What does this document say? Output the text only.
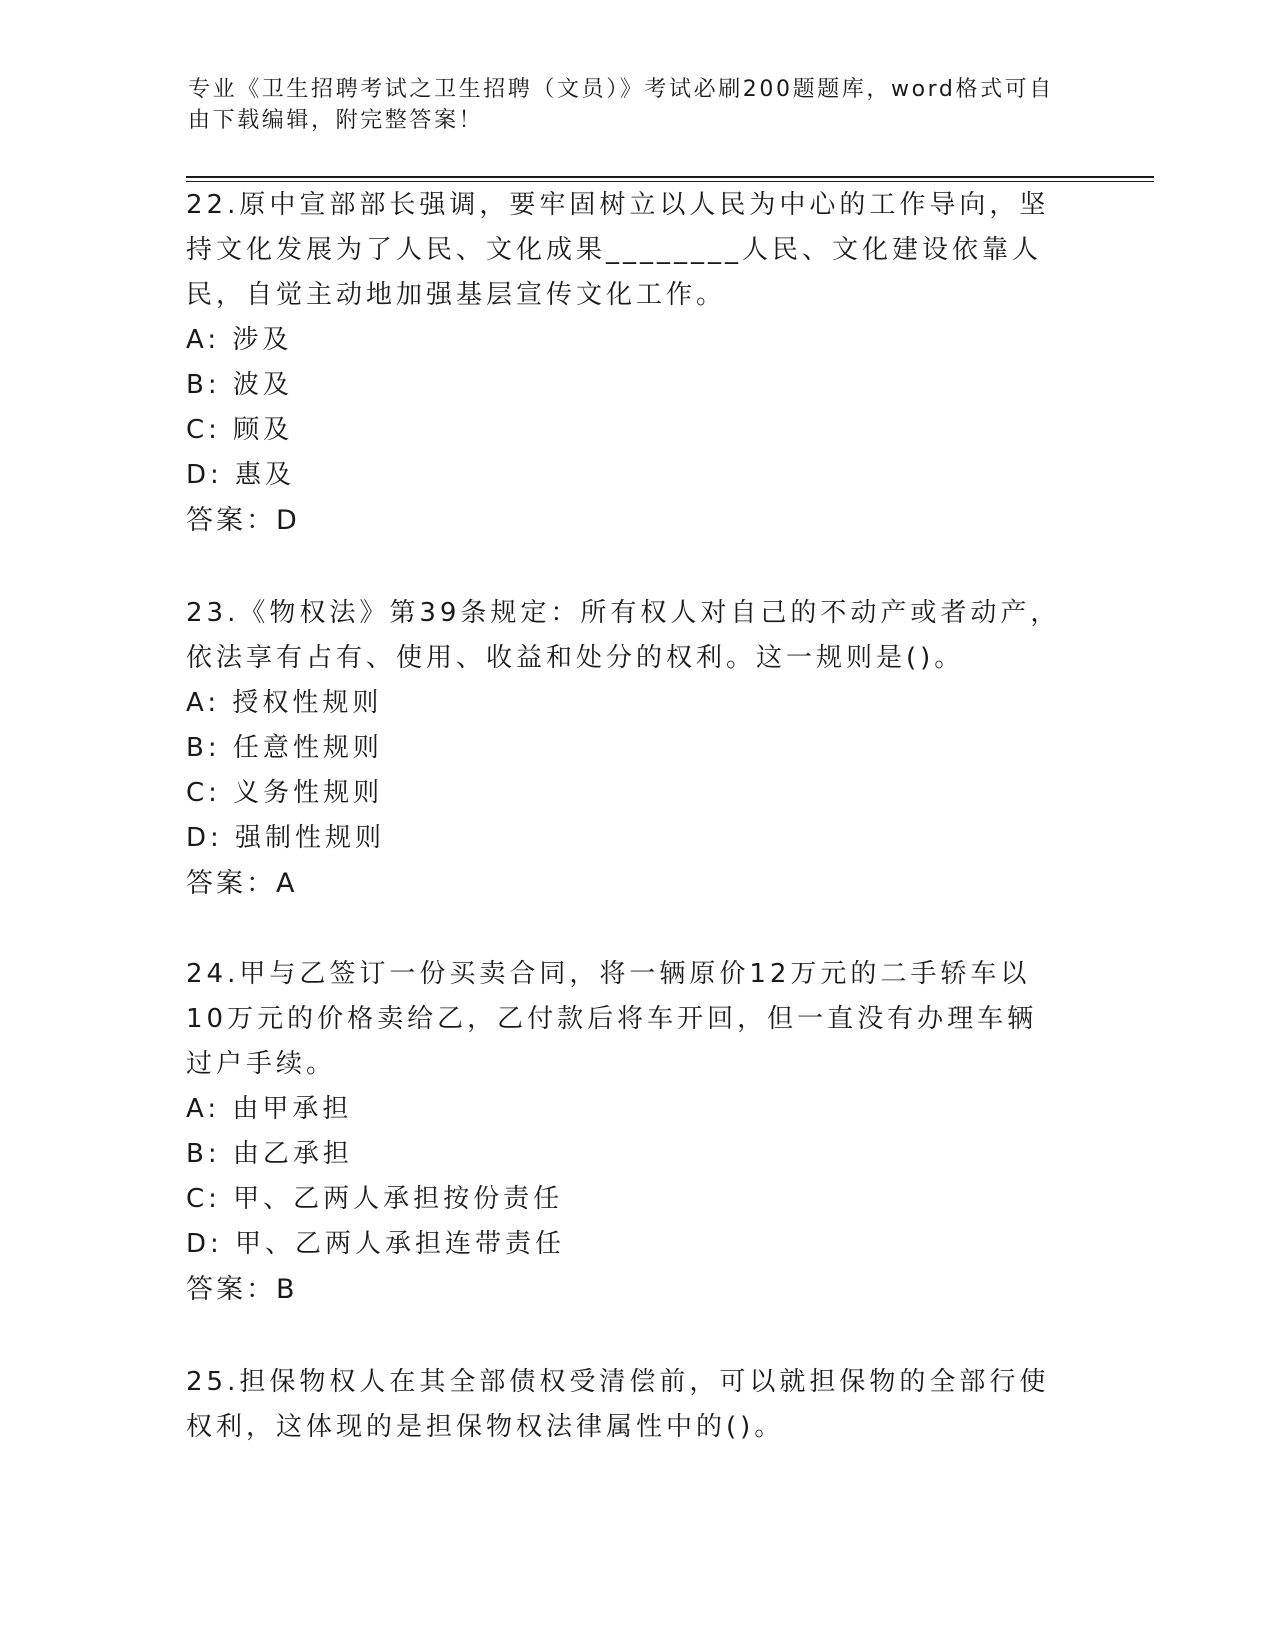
专业《卫生招聘考试之卫生招聘（文员）》考试必刷200题题库，word格式可自由下载编辑，附完整答案！
22.原中宣部部长强调，要牢固树立以人民为中心的工作导向，坚持文化发展为了人民、文化成果________人民、文化建设依靠人民，自觉主动地加强基层宣传文化工作。
A: 涉及
B: 波及
C: 顾及
D: 惠及
答案：D
23.《物权法》第39条规定：所有权人对自己的不动产或者动产，依法享有占有、使用、收益和处分的权利。这一规则是()。
A: 授权性规则
B: 任意性规则
C: 义务性规则
D: 强制性规则
答案：A
24.甲与乙签订一份买卖合同，将一辆原价12万元的二手轿车以10万元的价格卖给乙，乙付款后将车开回，但一直没有办理车辆过户手续。
A: 由甲承担
B: 由乙承担
C: 甲、乙两人承担按份责任
D: 甲、乙两人承担连带责任
答案：B
25.担保物权人在其全部债权受清偿前，可以就担保物的全部行使权利，这体现的是担保物权法律属性中的()。
